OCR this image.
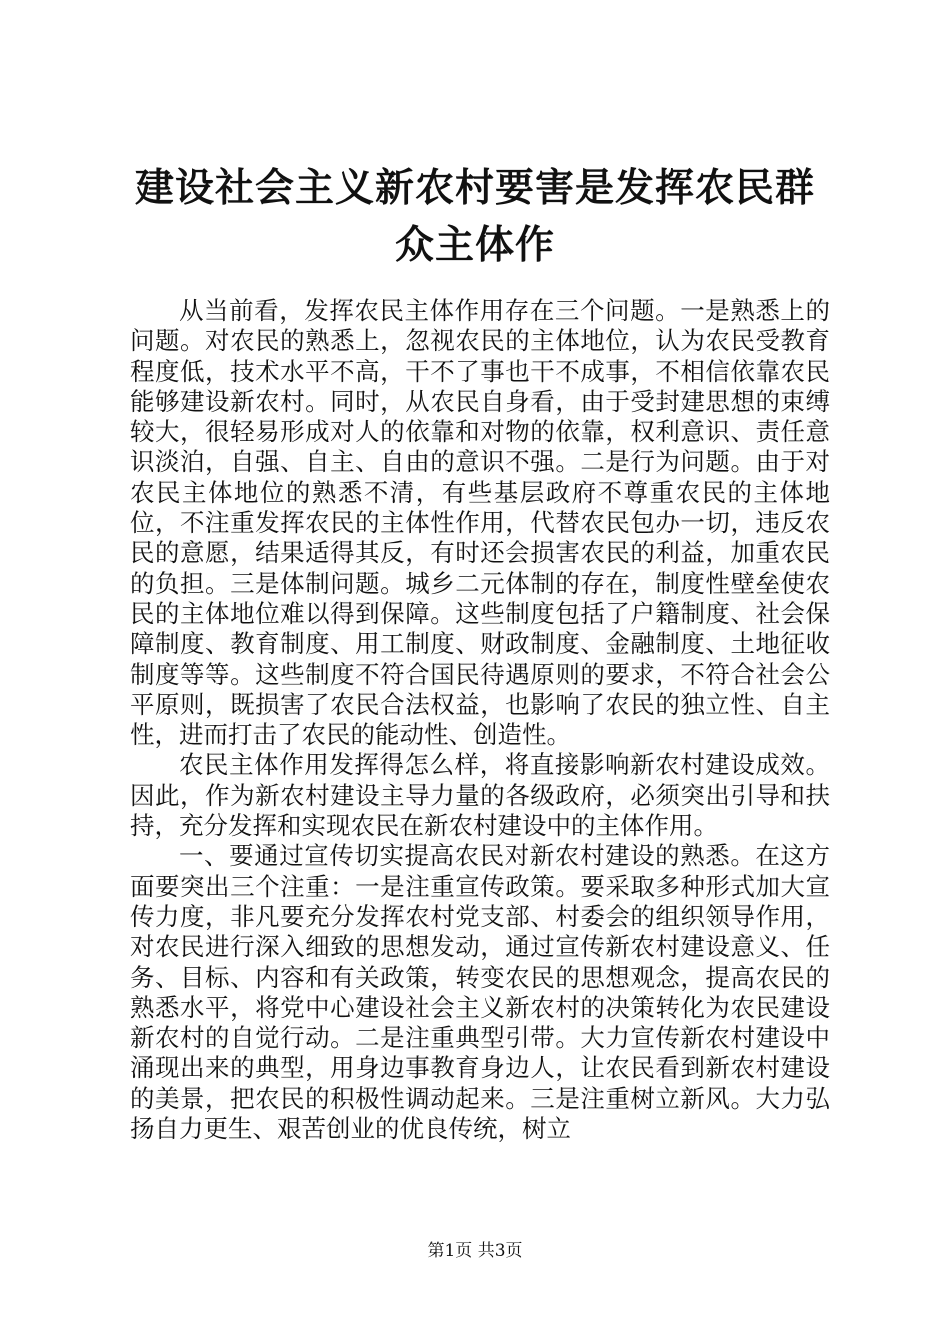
建设社会主义新农村要害是发挥农民群众主体作

从当前看，发挥农民主体作用存在三个问题。一是熟悉上的问题。对农民的熟悉上，忽视农民的主体地位，认为农民受教育程度低，技术水平不高，干不了事也干不成事，不相信依靠农民能够建设新农村。同时，从农民自身看，由于受封建思想的束缚较大，很轻易形成对人的依靠和对物的依靠，权利意识、责任意识淡泊，自强、自主、自由的意识不强。二是行为问题。由于对农民主体地位的熟悉不清，有些基层政府不尊重农民的主体地位，不注重发挥农民的主体性作用，代替农民包办一切，违反农民的意愿，结果适得其反，有时还会损害农民的利益，加重农民的负担。三是体制问题。城乡二元体制的存在，制度性壁垒使农民的主体地位难以得到保障。这些制度包括了户籍制度、社会保障制度、教育制度、用工制度、财政制度、金融制度、土地征收制度等等。这些制度不符合国民待遇原则的要求，不符合社会公平原则，既损害了农民合法权益，也影响了农民的独立性、自主性，进而打击了农民的能动性、创造性。

农民主体作用发挥得怎么样，将直接影响新农村建设成效。因此，作为新农村建设主导力量的各级政府，必须突出引导和扶持，充分发挥和实现农民在新农村建设中的主体作用。

一、要通过宣传切实提高农民对新农村建设的熟悉。在这方面要突出三个注重：一是注重宣传政策。要采取多种形式加大宣传力度，非凡要充分发挥农村党支部、村委会的组织领导作用，对农民进行深入细致的思想发动，通过宣传新农村建设意义、任务、目标、内容和有关政策，转变农民的思想观念，提高农民的熟悉水平，将党中心建设社会主义新农村的决策转化为农民建设新农村的自觉行动。二是注重典型引带。大力宣传新农村建设中涌现出来的典型，用身边事教育身边人，让农民看到新农村建设的美景，把农民的积极性调动起来。三是注重树立新风。大力弘扬自力更生、艰苦创业的优良传统，树立

第1页 共3页
